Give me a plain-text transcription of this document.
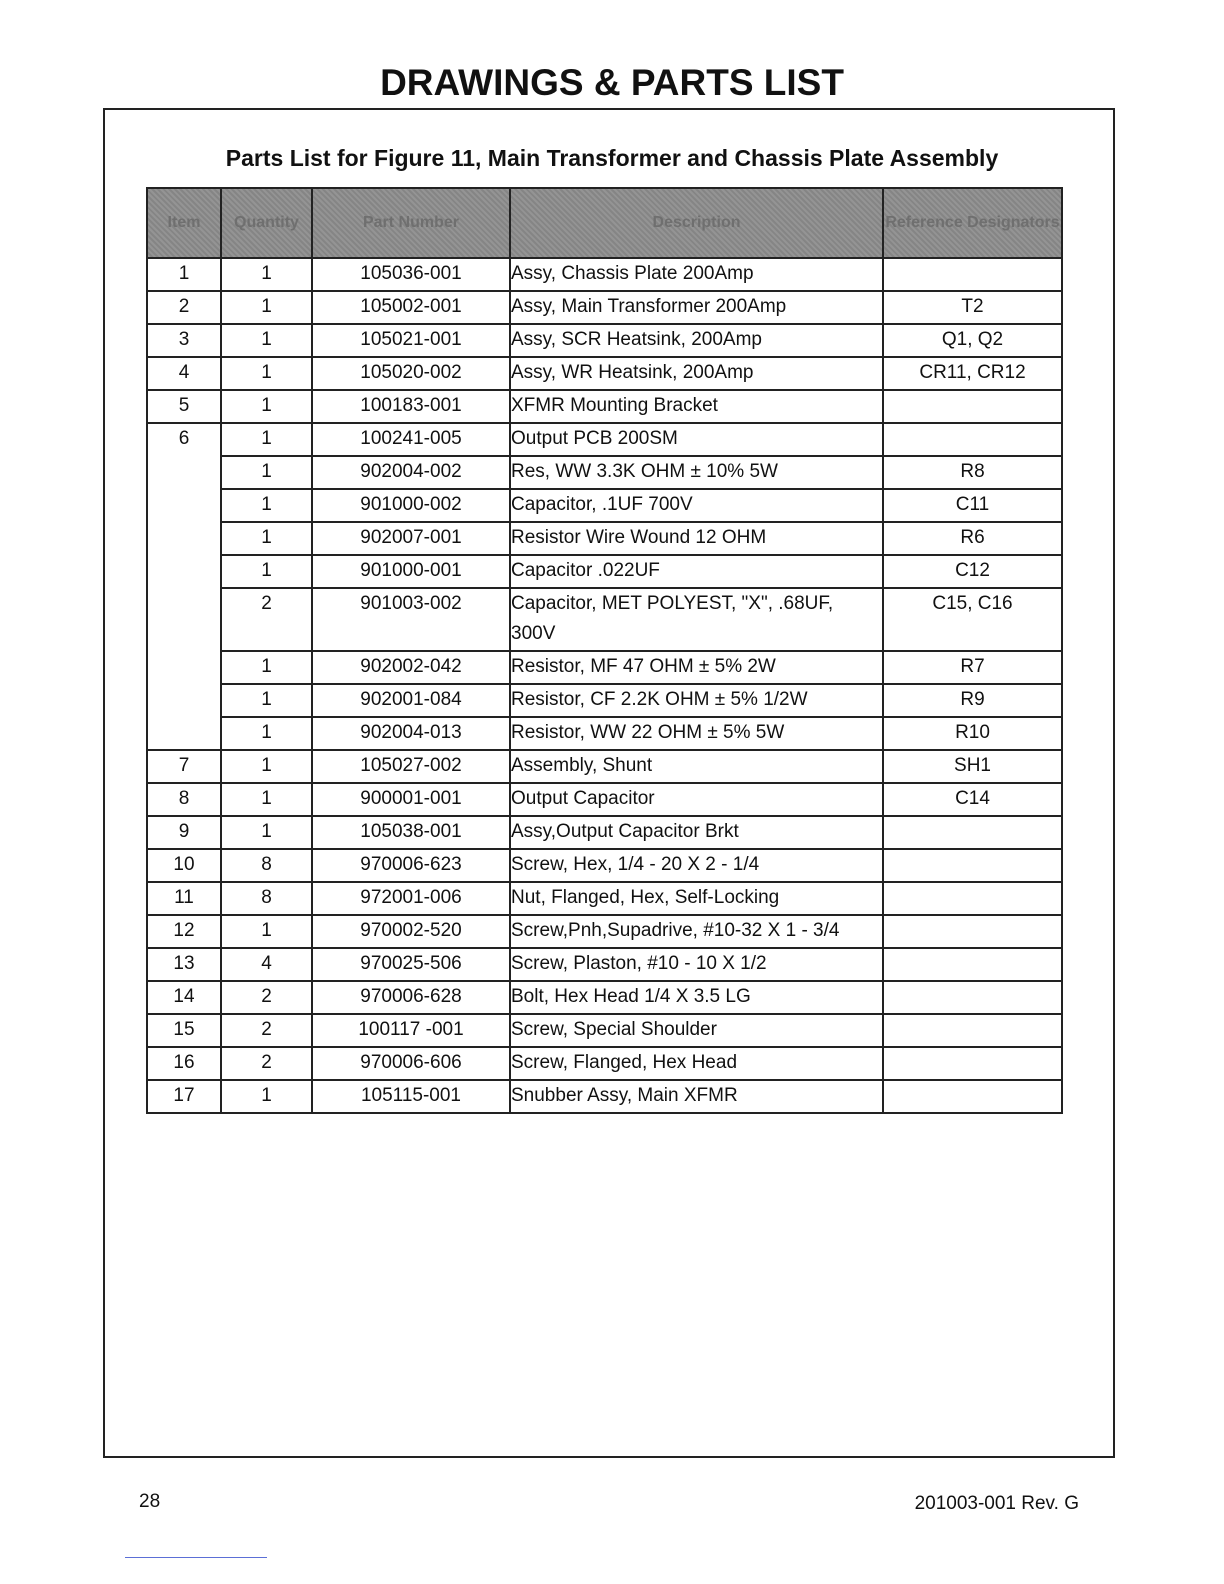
DRAWINGS & PARTS LIST
Parts List for Figure 11, Main Transformer and Chassis Plate Assembly
Item	Quantity	Part Number	Description	Reference Designators
1	1	105036-001	Assy, Chassis Plate 200Amp	
2	1	105002-001	Assy, Main Transformer 200Amp	T2
3	1	105021-001	Assy, SCR Heatsink, 200Amp	Q1, Q2
4	1	105020-002	Assy, WR Heatsink, 200Amp	CR11, CR12
5	1	100183-001	XFMR Mounting Bracket	
6	1	100241-005	Output PCB 200SM	
	1	902004-002	Res, WW 3.3K OHM ± 10% 5W	R8
	1	901000-002	Capacitor, .1UF 700V	C11
	1	902007-001	Resistor Wire Wound 12 OHM	R6
	1	901000-001	Capacitor .022UF	C12
	2	901003-002	Capacitor, MET POLYEST, "X", .68UF, 300V	C15, C16
	1	902002-042	Resistor, MF 47 OHM ± 5% 2W	R7
	1	902001-084	Resistor, CF 2.2K OHM ± 5% 1/2W	R9
	1	902004-013	Resistor, WW 22 OHM ± 5% 5W	R10
7	1	105027-002	Assembly, Shunt	SH1
8	1	900001-001	Output Capacitor	C14
9	1	105038-001	Assy,Output Capacitor Brkt	
10	8	970006-623	Screw, Hex, 1/4 - 20 X 2 - 1/4	
11	8	972001-006	Nut, Flanged, Hex, Self-Locking	
12	1	970002-520	Screw,Pnh,Supadrive, #10-32 X 1 - 3/4	
13	4	970025-506	Screw, Plaston, #10 - 10 X 1/2	
14	2	970006-628	Bolt, Hex Head 1/4 X 3.5 LG	
15	2	100117 -001	Screw, Special Shoulder	
16	2	970006-606	Screw, Flanged, Hex Head	
17	1	105115-001	Snubber Assy, Main XFMR	
28	201003-001 Rev. G
